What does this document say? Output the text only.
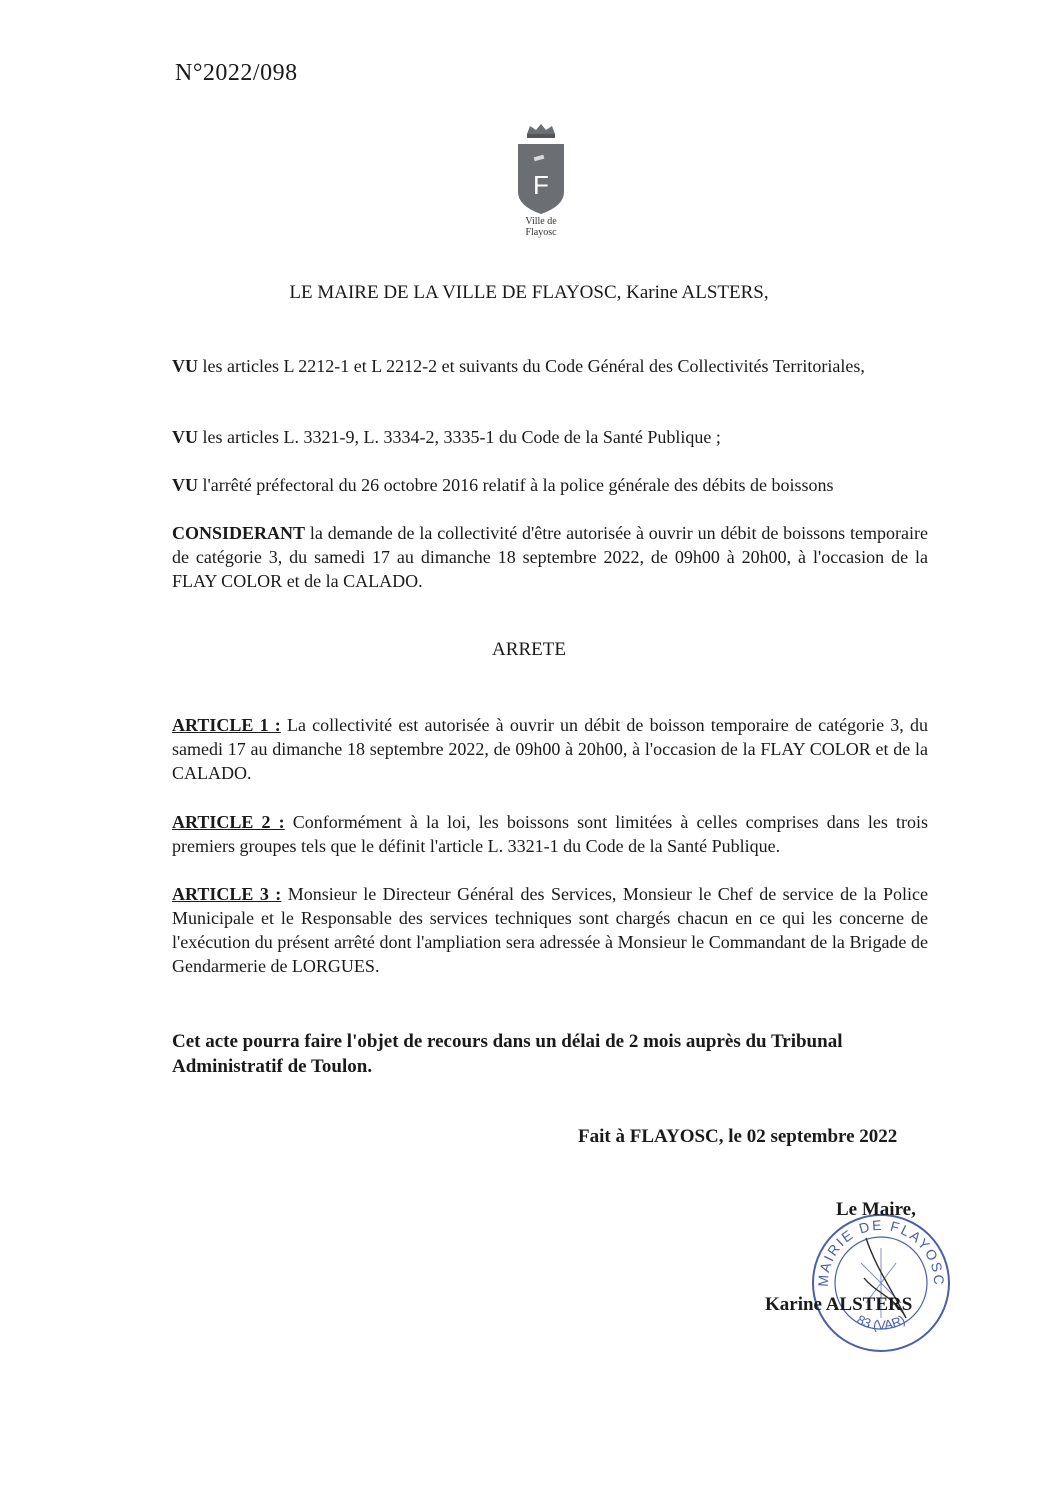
N°2022/098
F
Ville de
Flayosc
LE MAIRE DE LA VILLE DE FLAYOSC, Karine ALSTERS,
VU les articles L 2212-1 et L 2212-2 et suivants du Code Général des Collectivités Territoriales,
VU les articles L. 3321-9, L. 3334-2, 3335-1 du Code de la Santé Publique ;
VU l'arrêté préfectoral du 26 octobre 2016 relatif à la police générale des débits de boissons
CONSIDERANT la demande de la collectivité d'être autorisée à ouvrir un débit de boissons temporaire de catégorie 3, du samedi 17 au dimanche 18 septembre 2022, de 09h00 à 20h00, à l'occasion de la FLAY COLOR et de la CALADO.
ARRETE
ARTICLE 1 : La collectivité est autorisée à ouvrir un débit de boisson temporaire de catégorie 3, du samedi 17 au dimanche 18 septembre 2022, de 09h00 à 20h00, à l'occasion de la FLAY COLOR et de la CALADO.
ARTICLE 2 : Conformément à la loi, les boissons sont limitées à celles comprises dans les trois premiers groupes tels que le définit l'article L. 3321-1 du Code de la Santé Publique.
ARTICLE 3 : Monsieur le Directeur Général des Services, Monsieur le Chef de service de la Police Municipale et le Responsable des services techniques sont chargés chacun en ce qui les concerne de l'exécution du présent arrêté dont l'ampliation sera adressée à Monsieur le Commandant de la Brigade de Gendarmerie de LORGUES.
Cet acte pourra faire l'objet de recours dans un délai de 2 mois auprès du Tribunal Administratif de Toulon.
Fait à FLAYOSC, le 02 septembre 2022
MAIRIE DE FLAYOSC
83 (VAR)
Le Maire,
Karine ALSTERS
